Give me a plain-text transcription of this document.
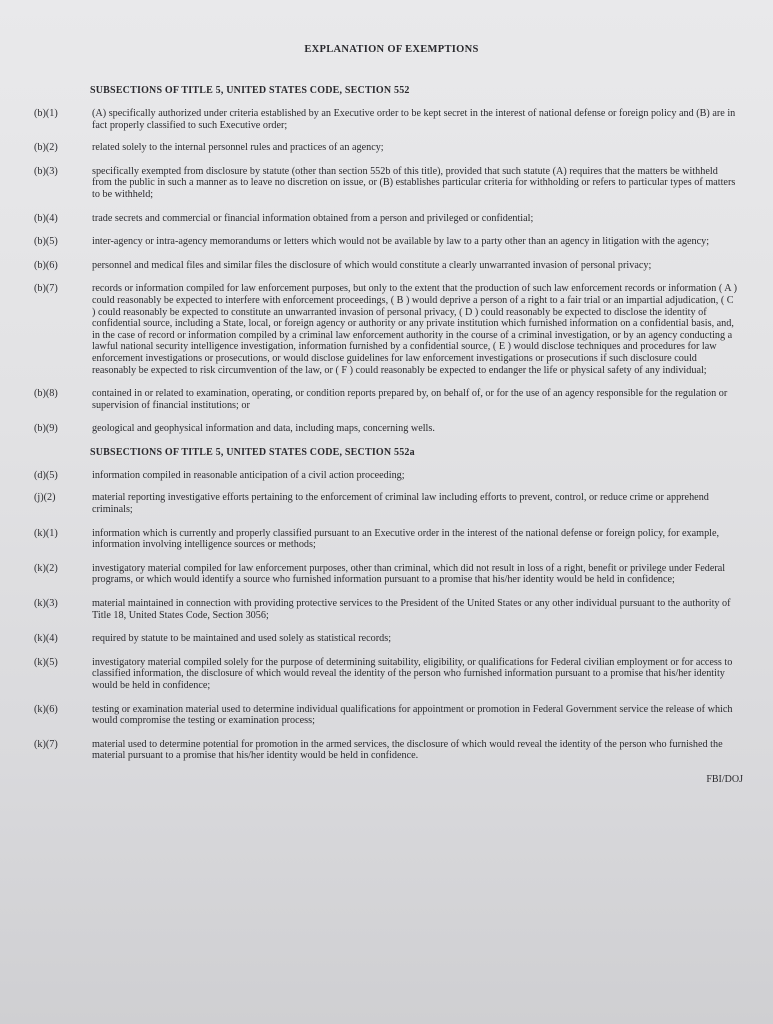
EXPLANATION OF EXEMPTIONS
SUBSECTIONS OF TITLE 5, UNITED STATES CODE, SECTION 552
(b)(1)	(A) specifically authorized under criteria established by an Executive order to be kept secret in the interest of national defense or foreign policy and (B) are in fact properly classified to such Executive order;
(b)(2)	related solely to the internal personnel rules and practices of an agency;
(b)(3)	specifically exempted from disclosure by statute (other than section 552b of this title), provided that such statute (A) requires that the matters be withheld from the public in such a manner as to leave no discretion on issue, or (B) establishes particular criteria for withholding or refers to particular types of matters to be withheld;
(b)(4)	trade secrets and commercial or financial information obtained from a person and privileged or confidential;
(b)(5)	inter-agency or intra-agency memorandums or letters which would not be available by law to a party other than an agency in litigation with the agency;
(b)(6)	personnel and medical files and similar files the disclosure of which would constitute a clearly unwarranted invasion of personal privacy;
(b)(7)	records or information compiled for law enforcement purposes, but only to the extent that the production of such law enforcement records or information ( A ) could reasonably be expected to interfere with enforcement proceedings, ( B ) would deprive a person of a right to a fair trial or an impartial adjudication, ( C ) could reasonably be expected to constitute an unwarranted invasion of personal privacy, ( D ) could reasonably be expected to disclose the identity of confidential source, including a State, local, or foreign agency or authority or any private institution which furnished information on a confidential basis, and, in the case of record or information compiled by a criminal law enforcement authority in the course of a criminal investigation, or by an agency conducting a lawful national security intelligence investigation, information furnished by a confidential source, ( E ) would disclose techniques and procedures for law enforcement investigations or prosecutions, or would disclose guidelines for law enforcement investigations or prosecutions if such disclosure could reasonably be expected to risk circumvention of the law, or ( F ) could reasonably be expected to endanger the life or physical safety of any individual;
(b)(8)	contained in or related to examination, operating, or condition reports prepared by, on behalf of, or for the use of an agency responsible for the regulation or supervision of financial institutions; or
(b)(9)	geological and geophysical information and data, including maps, concerning wells.
SUBSECTIONS OF TITLE 5, UNITED STATES CODE, SECTION 552a
(d)(5)	information compiled in reasonable anticipation of a civil action proceeding;
(j)(2)	material reporting investigative efforts pertaining to the enforcement of criminal law including efforts to prevent, control, or reduce crime or apprehend criminals;
(k)(1)	information which is currently and properly classified pursuant to an Executive order in the interest of the national defense or foreign policy, for example, information involving intelligence sources or methods;
(k)(2)	investigatory material compiled for law enforcement purposes, other than criminal, which did not result in loss of a right, benefit or privilege under Federal programs, or which would identify a source who furnished information pursuant to a promise that his/her identity would be held in confidence;
(k)(3)	material maintained in connection with providing protective services to the President of the United States or any other individual pursuant to the authority of Title 18, United States Code, Section 3056;
(k)(4)	required by statute to be maintained and used solely as statistical records;
(k)(5)	investigatory material compiled solely for the purpose of determining suitability, eligibility, or qualifications for Federal civilian employment or for access to classified information, the disclosure of which would reveal the identity of the person who furnished information pursuant to a promise that his/her identity would be held in confidence;
(k)(6)	testing or examination material used to determine individual qualifications for appointment or promotion in Federal Government service the release of which would compromise the testing or examination process;
(k)(7)	material used to determine potential for promotion in the armed services, the disclosure of which would reveal the identity of the person who furnished the material pursuant to a promise that his/her identity would be held in confidence.
FBI/DOJ
